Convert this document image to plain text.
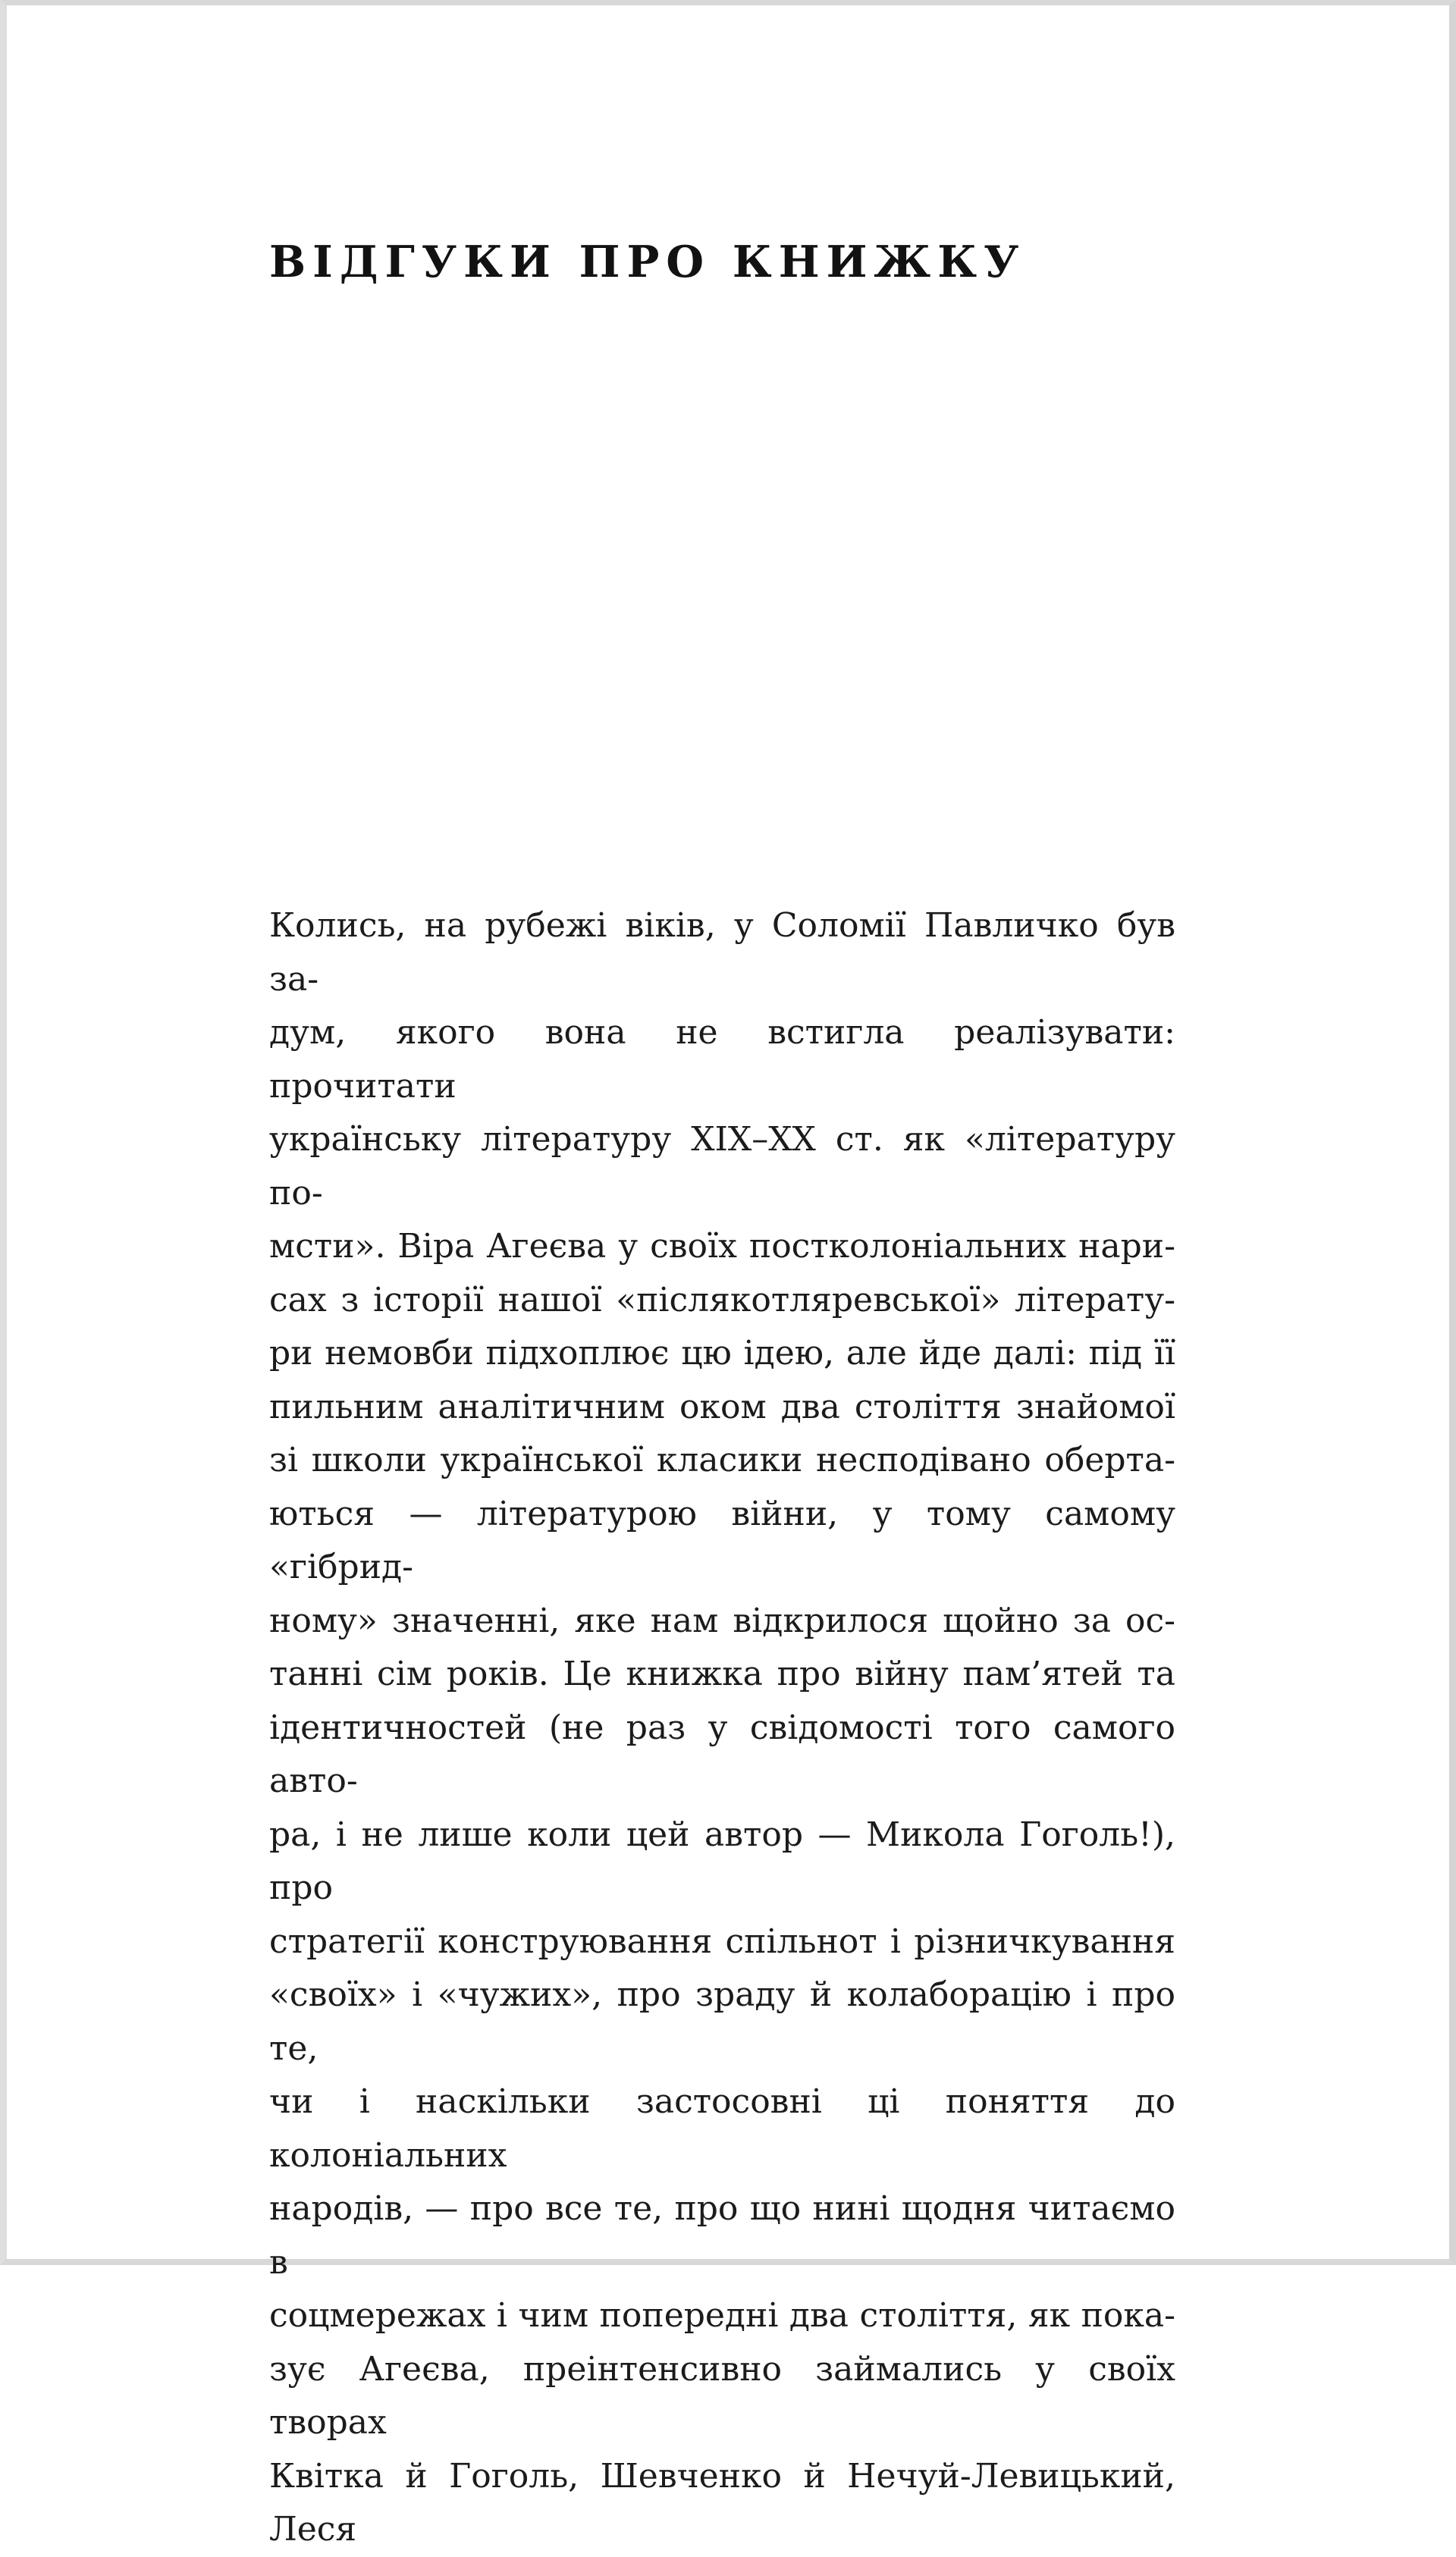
ВІДГУКИ ПРО КНИЖКУ
Колись, на рубежі віків, у Соломії Павличко був за-
дум, якого вона не встигла реалізувати: прочитати
українську літературу XIX–XX ст. як «літературу по-
мсти». Віра Агеєва у своїх постколоніальних нари-
сах з історії нашої «післякотляревської» літерату-
ри немовби підхоплює цю ідею, але йде далі: під її
пильним аналітичним оком два століття знайомої
зі школи української класики несподівано оберта-
ються — літературою війни, у тому самому «гібрид-
ному» значенні, яке нам відкрилося щойно за ос-
танні сім років. Це книжка про війну пам’ятей та
ідентичностей (не раз у свідомості того самого авто-
ра, і не лише коли цей автор — Микола Гоголь!), про
стратегії конструювання спільнот і різничкування
«своїх» і «чужих», про зраду й колаборацію і про те,
чи і наскільки застосовні ці поняття до колоніальних
народів, — про все те, про що нині щодня читаємо в
соцмережах і чим попередні два століття, як пока-
зує Агеєва, преінтенсивно займались у своїх творах
Квітка й Гоголь, Шевченко й Нечуй-Левицький, Леся
